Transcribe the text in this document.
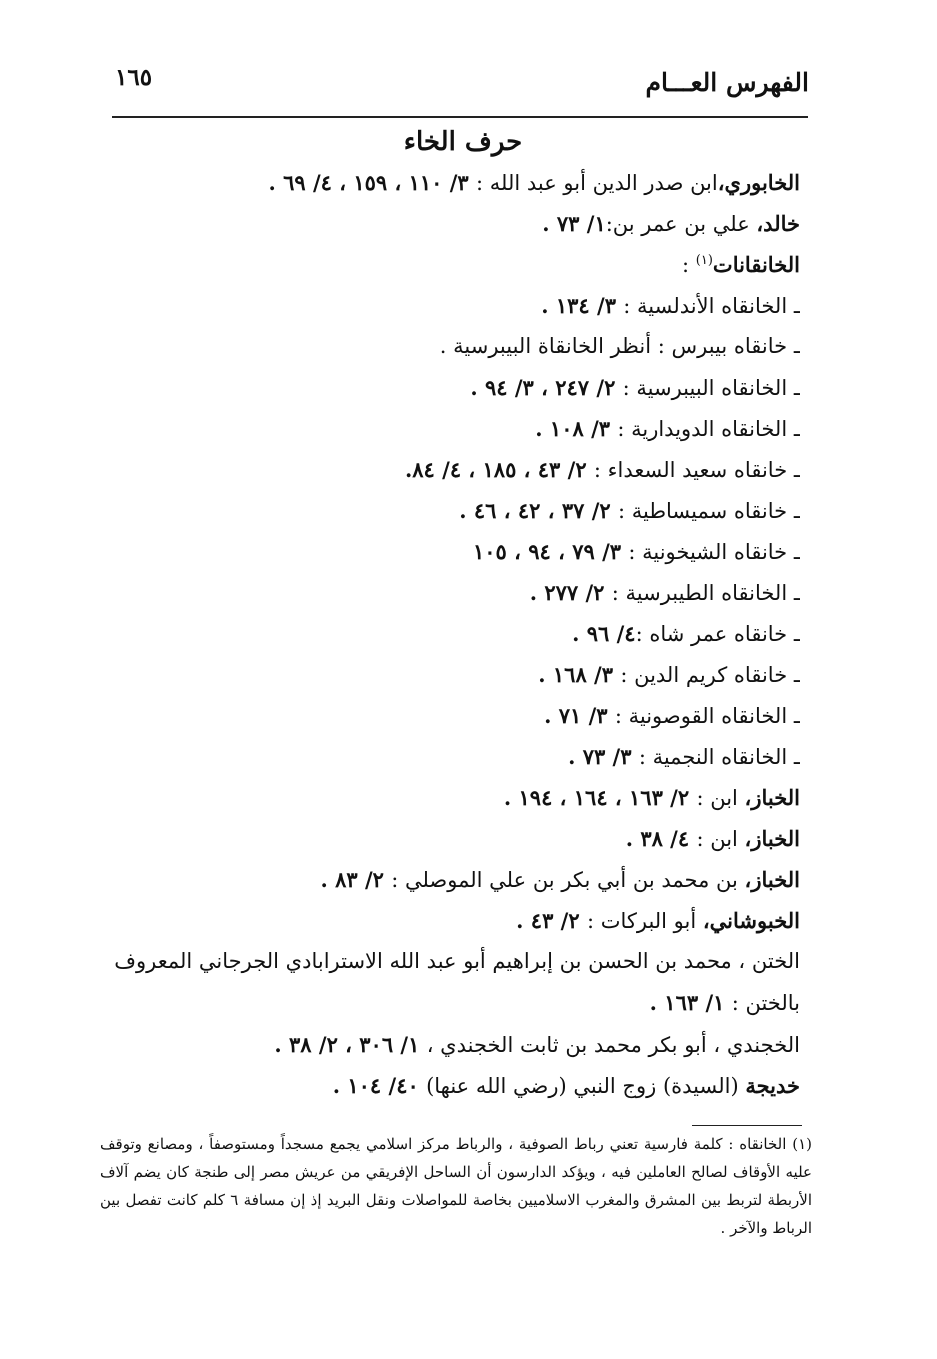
الفهرس العـــام
١٦٥
حرف الخاء
الخابوري،ابن صدر الدين أبو عبد الله : ٣/ ١١٠ ، ١٥٩ ، ٤/ ٦٩ .
خالد، علي بن عمر بن:١/ ٧٣ .
الخانقانات$^{(١)}$ :
ـ الخانقاه الأندلسية : ٣/ ١٣٤ .
ـ خانقاه بيبرس : أنظر الخانقاة البيبرسية .
ـ الخانقاه البيبرسية : ٢/ ٢٤٧ ، ٣/ ٩٤ .
ـ الخانقاه الدويدارية : ٣/ ١٠٨ .
ـ خانقاه سعيد السعداء : ٢/ ٤٣ ، ١٨٥ ، ٤/ ٨٤.
ـ خانقاه سميساطية : ٢/ ٣٧ ، ٤٢ ، ٤٦ .
ـ خانقاه الشيخونية : ٣/ ٧٩ ، ٩٤ ، ١٠٥
ـ الخانقاه الطيبرسية : ٢/ ٢٧٧ .
ـ خانقاه عمر شاه :٤/ ٩٦ .
ـ خانقاه كريم الدين : ٣/ ١٦٨ .
ـ الخانقاه القوصونية : ٣/ ٧١ .
ـ الخانقاه النجمية : ٣/ ٧٣ .
الخباز، ابن : ٢/ ١٦٣ ، ١٦٤ ، ١٩٤ .
الخباز، ابن : ٤/ ٣٨ .
الخباز، بن محمد بن أبي بكر بن علي الموصلي : ٢/ ٨٣ .
الخبوشاني، أبو البركات : ٢/ ٤٣ .
الختن ، محمد بن الحسن بن إبراهيم أبو عبد الله الاسترابادي الجرجاني المعروف بالختن : ١/ ١٦٣ .
الخجندي ، أبو بكر محمد بن ثابت الخجندي ، ١/ ٣٠٦ ، ٢/ ٣٨ .
خديجة (السيدة) زوج النبي (رضي الله عنها) ٤٠/ ١٠٤ .
(١) الخانقاه : كلمة فارسية تعني رباط الصوفية ، والرباط مركز اسلامي يجمع مسجداً ومستوصفاً ، ومصانع وتوقف عليه الأوقاف لصالح العاملين فيه ، ويؤكد الدارسون أن الساحل الإفريقي من عريش مصر إلى طنجة كان يضم آلاف الأربطة لتربط بين المشرق والمغرب الاسلاميين بخاصة للمواصلات ونقل البريد إذ إن مسافة ٦ كلم كانت تفصل بين الرباط والآخر .
